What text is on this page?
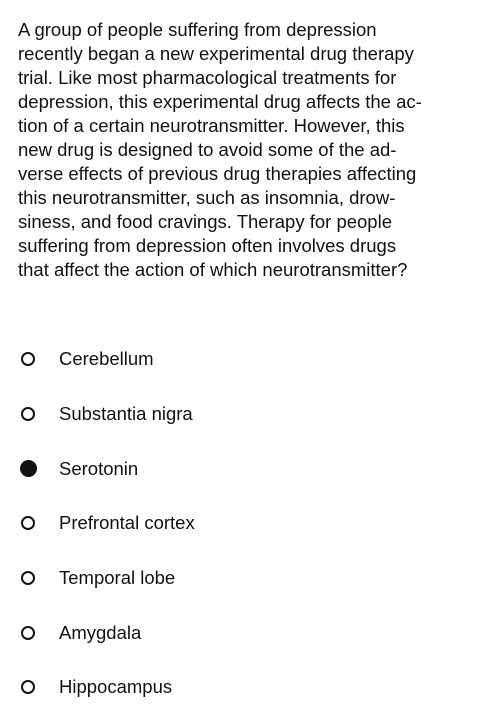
A group of people suffering from depression
recently began a new experimental drug therapy
trial. Like most pharmacological treatments for
depression, this experimental drug affects the ac-
tion of a certain neurotransmitter. However, this
new drug is designed to avoid some of the ad-
verse effects of previous drug therapies affecting
this neurotransmitter, such as insomnia, drow-
siness, and food cravings. Therapy for people
suffering from depression often involves drugs
that affect the action of which neurotransmitter?
Cerebellum
Substantia nigra
Serotonin
Prefrontal cortex
Temporal lobe
Amygdala
Hippocampus
